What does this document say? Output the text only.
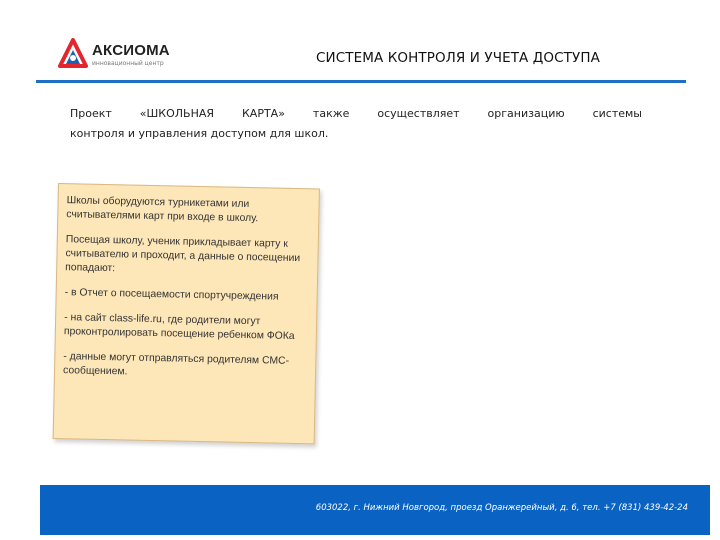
АКСИОМА
инновационный центр	СИСТЕМА КОНТРОЛЯ И УЧЕТА ДОСТУПА
Проект «ШКОЛЬНАЯ КАРТА» также осуществляет организацию системы
контроля и управления доступом для школ.

Школы оборудуются турникетами или считывателями карт при входе в школу.

Посещая школу, ученик прикладывает карту к считывателю и проходит, а данные о посещении попадают:

- в Отчет о посещаемости спортучреждения

- на сайт class-life.ru, где родители могут проконтролировать посещение ребенком ФОКа

- данные могут отправляться родителям СМС-сообщением.

603022, г. Нижний Новгород, проезд Оранжерейный, д. 6, тел. +7 (831) 439-42-24
